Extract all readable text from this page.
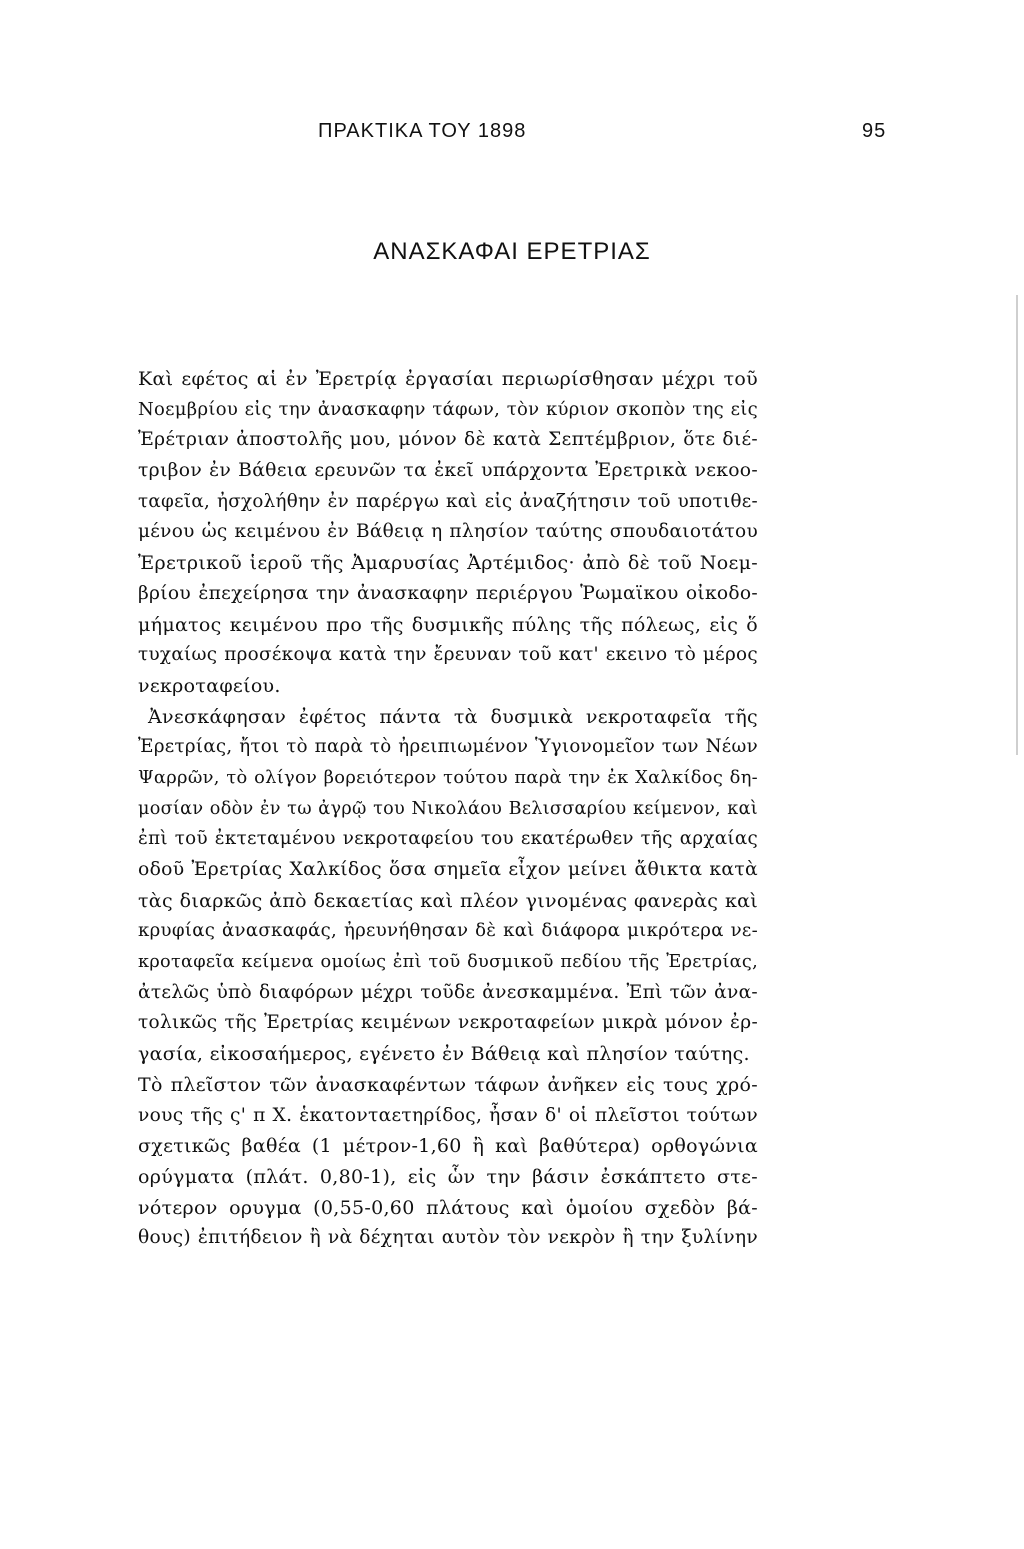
ΠΡΑΚΤΙΚΑ ΤΟΥ 1898	95
ΑΝΑΣΚΑΦΑΙ ΕΡΕΤΡΙΑΣ
Καὶ εφέτος αἱ ἐν Ἐρετρίᾳ ἐργασίαι περιωρίσθησαν μέχρι τοῦ
Νοεμβρίου εἰς την ἀνασκαφην τάφων, τὸν κύριον σκοπὸν της εἰς
Ἐρέτριαν ἀποστολῆς μου, μόνον δὲ κατὰ Σεπτέμβριον, ὅτε διέ-
τριβον ἐν Βάθεια ερευνῶν τα ἐκεῖ υπάρχοντα Ἐρετρικὰ νεκοο-
ταφεῖα, ἠσχολήθην ἐν παρέργω καὶ εἰς ἀναζήτησιν τοῦ υποτιθε-
μένου ὡς κειμένου ἐν Βάθειᾳ η πλησίον ταύτης σπουδαιοτάτου
Ἐρετρικοῦ ἱεροῦ τῆς Ἀμαρυσίας Ἀρτέμιδος· ἀπὸ δὲ τοῦ Νοεμ-
βρίου ἐπεχείρησα την ἀνασκαφην περιέργου Ῥωμαϊκου οἰκοδο-
μήματος κειμένου προ τῆς δυσμικῆς πύλης τῆς πόλεως, εἰς ὅ
τυχαίως προσέκοψα κατὰ την ἔρευναν τοῦ κατ' εκεινο τὸ μέρος
νεκροταφείου.
Ἀνεσκάφησαν ἐφέτος πάντα τὰ δυσμικὰ νεκροταφεῖα τῆς
Ἐρετρίας, ἤτοι τὸ παρὰ τὸ ἠρειπιωμένον Ὑγιονομεῖον των Νέων
Ψαρρῶν, τὸ ολίγον βορειότερον τούτου παρὰ την ἐκ Χαλκίδος δη-
μοσίαν οδὸν ἐν τω ἀγρῷ του Νικολάου Βελισσαρίου κείμενον, καὶ
ἐπὶ τοῦ ἐκτεταμένου νεκροταφείου του εκατέρωθεν τῆς αρχαίας
οδοῦ Ἐρετρίας Χαλκίδος ὅσα σημεῖα εἶχον μείνει ἄθικτα κατὰ
τὰς διαρκῶς ἀπὸ δεκαετίας καὶ πλέον γινομένας φανερὰς καὶ
κρυφίας ἀνασκαφάς, ἠρευνήθησαν δὲ καὶ διάφορα μικρότερα νε-
κροταφεῖα κείμενα ομοίως ἐπὶ τοῦ δυσμικοῦ πεδίου τῆς Ἐρετρίας,
ἀτελῶς ὑπὸ διαφόρων μέχρι τοῦδε ἀνεσκαμμένα. Ἐπὶ τῶν ἀνα-
τολικῶς τῆς Ἐρετρίας κειμένων νεκροταφείων μικρὰ μόνον ἐρ-
γασία, εἰκοσαήμερος, εγένετο ἐν Βάθειᾳ καὶ πλησίον ταύτης.
Τὸ πλεῖστον τῶν ἀνασκαφέντων τάφων ἀνῆκεν εἰς τους χρό-
νους τῆς ς' π Χ. ἑκατονταετηρίδος, ἦσαν δ' οἱ πλεῖστοι τούτων
σχετικῶς βαθέα (1 μέτρον-1,60 ἢ καὶ βαθύτερα) ορθογώνια
ορύγματα (πλάτ. 0,80-1), εἰς ὧν την βάσιν ἐσκάπτετο στε-
νότερον ορυγμα (0,55-0,60 πλάτους καὶ ὁμοίου σχεδὸν βά-
θους) ἐπιτήδειον ἢ νὰ δέχηται αυτὸν τὸν νεκρὸν ἢ την ξυλίνην
